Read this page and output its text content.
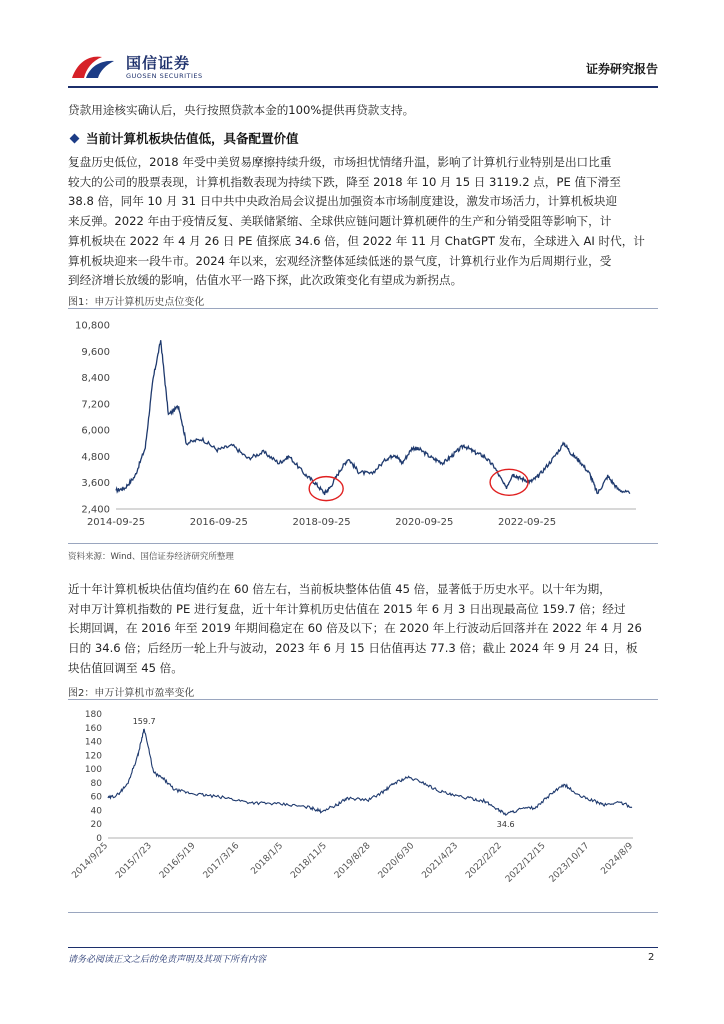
国信证券
GUOSEN SECURITIES	证券研究报告

贷款用途核实确认后，央行按照贷款本金的100%提供再贷款支持。

当前计算机板块估值低，具备配置价值

复盘历史低位，2018 年受中美贸易摩擦持续升级，市场担忧情绪升温，影响了计算机行业特别是出口比重

较大的公司的股票表现，计算机指数表现为持续下跌，降至 2018 年 10 月 15 日 3119.2 点，PE 值下滑至

38.8 倍，同年 10 月 31 日中共中央政治局会议提出加强资本市场制度建设，激发市场活力，计算机板块迎

来反弹。2022 年由于疫情反复、美联储紧缩、全球供应链问题计算机硬件的生产和分销受阻等影响下，计

算机板块在 2022 年 4 月 26 日 PE 值探底 34.6 倍，但 2022 年 11 月 ChatGPT 发布，全球进入 AI 时代，计

算机板块迎来一段牛市。2024 年以来，宏观经济整体延续低迷的景气度，计算机行业作为后周期行业，受

到经济增长放缓的影响，估值水平一路下探，此次政策变化有望成为新拐点。

图1：申万计算机历史点位变化
10,800
9,600
8,400
7,200
6,000
4,800
3,600
2,400
2014-09-25	2016-09-25	2018-09-25	2020-09-25	2022-09-25
资料来源：Wind、国信证券经济研究所整理

近十年计算机板块估值均值约在 60 倍左右，当前板块整体估值 45 倍，显著低于历史水平。以十年为期，

对申万计算机指数的 PE 进行复盘，近十年计算机历史估值在 2015 年 6 月 3 日出现最高位 159.7 倍；经过

长期回调，在 2016 年至 2019 年期间稳定在 60 倍及以下；在 2020 年上行波动后回落并在 2022 年 4 月 26

日的 34.6 倍；后经历一轮上升与波动，2023 年 6 月 15 日估值再达 77.3 倍；截止 2024 年 9 月 24 日，板

块估值回调至 45 倍。

图2：申万计算机市盈率变化
180
160
140
120
100
80
60
40
20
0
2014/9/25 2015/7/23 2016/5/19 2017/3/16 2018/1/5 2018/11/5 2019/8/28 2020/6/30 2021/4/23 2022/2/22 2022/12/15 2023/10/17 2024/8/9
159.7
34.6
请务必阅读正文之后的免责声明及其项下所有内容	2
